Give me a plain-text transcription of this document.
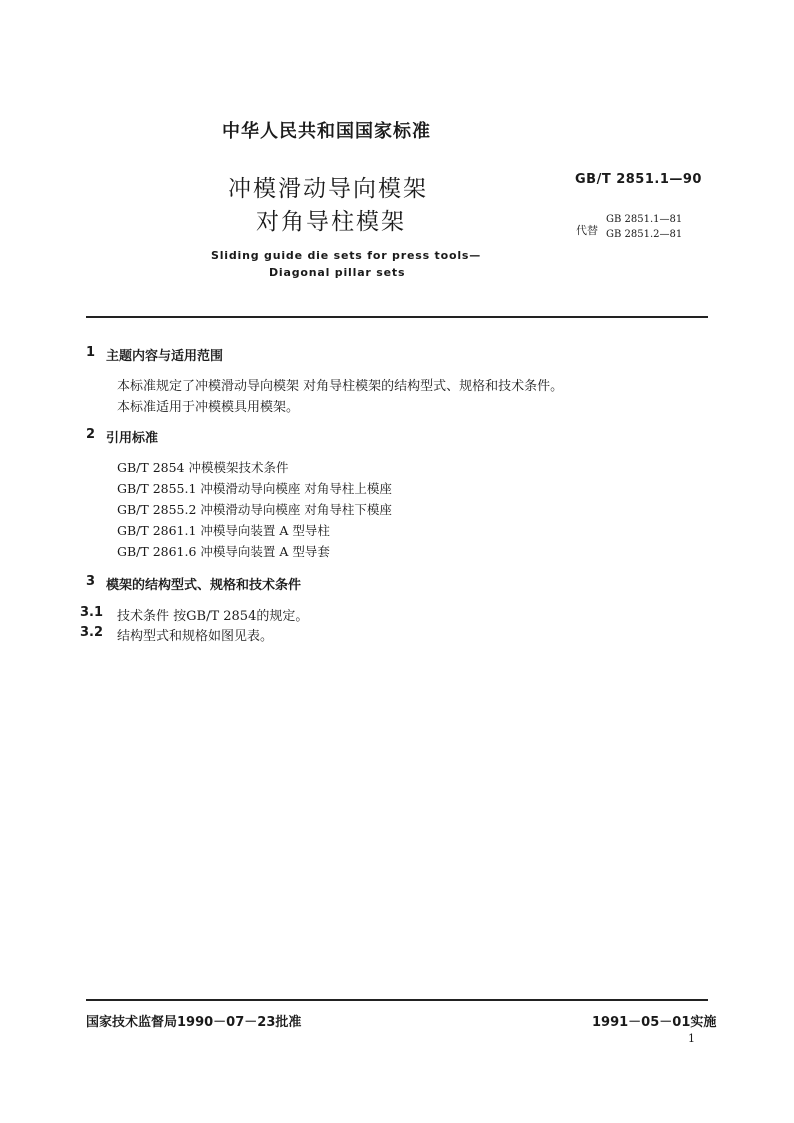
中华人民共和国国家标准
冲模滑动导向模架
对角导柱模架
GB/T 2851.1—90
代替
GB 2851.1—81
GB 2851.2—81
Sliding guide die sets for press tools—
Diagonal pillar sets
1 主题内容与适用范围
本标准规定了冲模滑动导向模架 对角导柱模架的结构型式、规格和技术条件。
本标准适用于冲模模具用模架。
2 引用标准
GB/T 2854 冲模模架技术条件
GB/T 2855.1 冲模滑动导向模座 对角导柱上模座
GB/T 2855.2 冲模滑动导向模座 对角导柱下模座
GB/T 2861.1 冲模导向装置 A 型导柱
GB/T 2861.6 冲模导向装置 A 型导套
3 模架的结构型式、规格和技术条件
3.1 技术条件 按GB/T 2854的规定。
3.2 结构型式和规格如图见表。
国家技术监督局1990－07－23批准	1991－05－01实施
1
